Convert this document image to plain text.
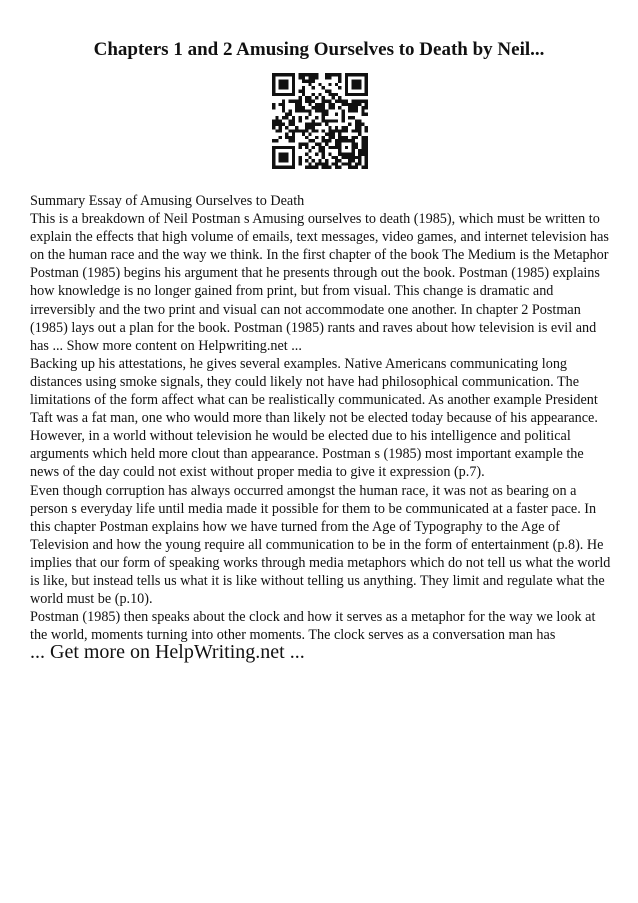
Chapters 1 and 2 Amusing Ourselves to Death by Neil...

Summary Essay of Amusing Ourselves to Death

This is a breakdown of Neil Postman s Amusing ourselves to death (1985), which must be written to explain the effects that high volume of emails, text messages, video games, and internet television has on the human race and the way we think. In the first chapter of the book The Medium is the Metaphor Postman (1985) begins his argument that he presents through out the book. Postman (1985) explains how knowledge is no longer gained from print, but from visual. This change is dramatic and irreversibly and the two print and visual can not accommodate one another. In chapter 2 Postman (1985) lays out a plan for the book. Postman (1985) rants and raves about how television is evil and has ... Show more content on Helpwriting.net ...

Backing up his attestations, he gives several examples. Native Americans communicating long distances using smoke signals, they could likely not have had philosophical communication. The limitations of the form affect what can be realistically communicated. As another example President Taft was a fat man, one who would more than likely not be elected today because of his appearance. However, in a world without television he would be elected due to his intelligence and political arguments which held more clout than appearance. Postman s (1985) most important example the news of the day could not exist without proper media to give it expression (p.7).

Even though corruption has always occurred amongst the human race, it was not as bearing on a person s everyday life until media made it possible for them to be communicated at a faster pace. In this chapter Postman explains how we have turned from the Age of Typography to the Age of Television and how the young require all communication to be in the form of entertainment (p.8). He implies that our form of speaking works through media metaphors which do not tell us what the world is like, but instead tells us what it is like without telling us anything. They limit and regulate what the world must be (p.10).

Postman (1985) then speaks about the clock and how it serves as a metaphor for the way we look at the world, moments turning into other moments. The clock serves as a conversation man has

... Get more on HelpWriting.net ...
